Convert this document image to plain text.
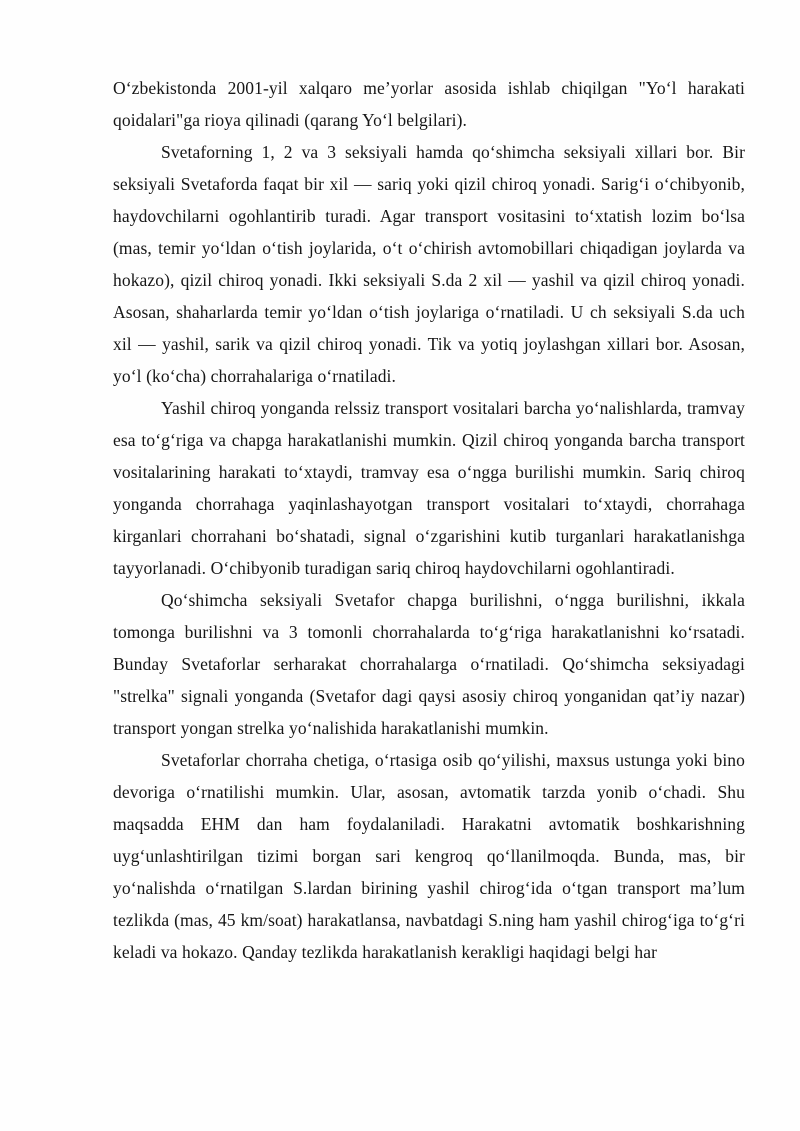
Oʻzbekistonda 2001-yil xalqaro meʼyorlar asosida ishlab chiqilgan "Yoʻl harakati qoidalari"ga rioya qilinadi (qarang Yoʻl belgilari).

Svetaforning 1, 2 va 3 seksiyali hamda qoʻshimcha seksiyali xillari bor. Bir seksiyali Svetaforda faqat bir xil — sariq yoki qizil chiroq yonadi. Sarigʻi oʻchibyonib, haydovchilarni ogohlantirib turadi. Agar transport vositasini toʻxtatish lozim boʻlsa (mas, temir yoʻldan oʻtish joylarida, oʻt oʻchirish avtomobillari chiqadigan joylarda va hokazo), qizil chiroq yonadi. Ikki seksiyali S.da 2 xil — yashil va qizil chiroq yonadi. Asosan, shaharlarda temir yoʻldan oʻtish joylariga oʻrnatiladi. U ch seksiyali S.da uch xil — yashil, sarik va qizil chiroq yonadi. Tik va yotiq joylashgan xillari bor. Asosan, yoʻl (koʻcha) chorrahalariga oʻrnatiladi.

Yashil chiroq yonganda relssiz transport vositalari barcha yoʻnalishlarda, tramvay esa toʻgʻriga va chapga harakatlanishi mumkin. Qizil chiroq yonganda barcha transport vositalarining harakati toʻxtaydi, tramvay esa oʻngga burilishi mumkin. Sariq chiroq yonganda chorrahaga yaqinlashayotgan transport vositalari toʻxtaydi, chorrahaga kirganlari chorrahani boʻshatadi, signal oʻzgarishini kutib turganlari harakatlanishga tayyorlanadi. Oʻchibyonib turadigan sariq chiroq haydovchilarni ogohlantiradi.

Qoʻshimcha seksiyali Svetafor chapga burilishni, oʻngga burilishni, ikkala tomonga burilishni va 3 tomonli chorrahalarda toʻgʻriga harakatlanishni koʻrsatadi. Bunday Svetaforlar serharakat chorrahalarga oʻrnatiladi. Qoʻshimcha seksiyadagi "strelka" signali yonganda (Svetafor dagi qaysi asosiy chiroq yonganidan qatʼiy nazar) transport yongan strelka yoʻnalishida harakatlanishi mumkin.

Svetaforlar chorraha chetiga, oʻrtasiga osib qoʻyilishi, maxsus ustunga yoki bino devoriga oʻrnatilishi mumkin. Ular, asosan, avtomatik tarzda yonib oʻchadi. Shu maqsadda EHM dan ham foydalaniladi. Harakatni avtomatik boshkarishning uygʻunlashtirilgan tizimi borgan sari kengroq qoʻllanilmoqda. Bunda, mas, bir yoʻnalishda oʻrnatilgan S.lardan birining yashil chirogʻida oʻtgan transport maʼlum tezlikda (mas, 45 km/soat) harakatlansa, navbatdagi S.ning ham yashil chirogʻiga toʻgʻri keladi va hokazo. Qanday tezlikda harakatlanish kerakligi haqidagi belgi har
